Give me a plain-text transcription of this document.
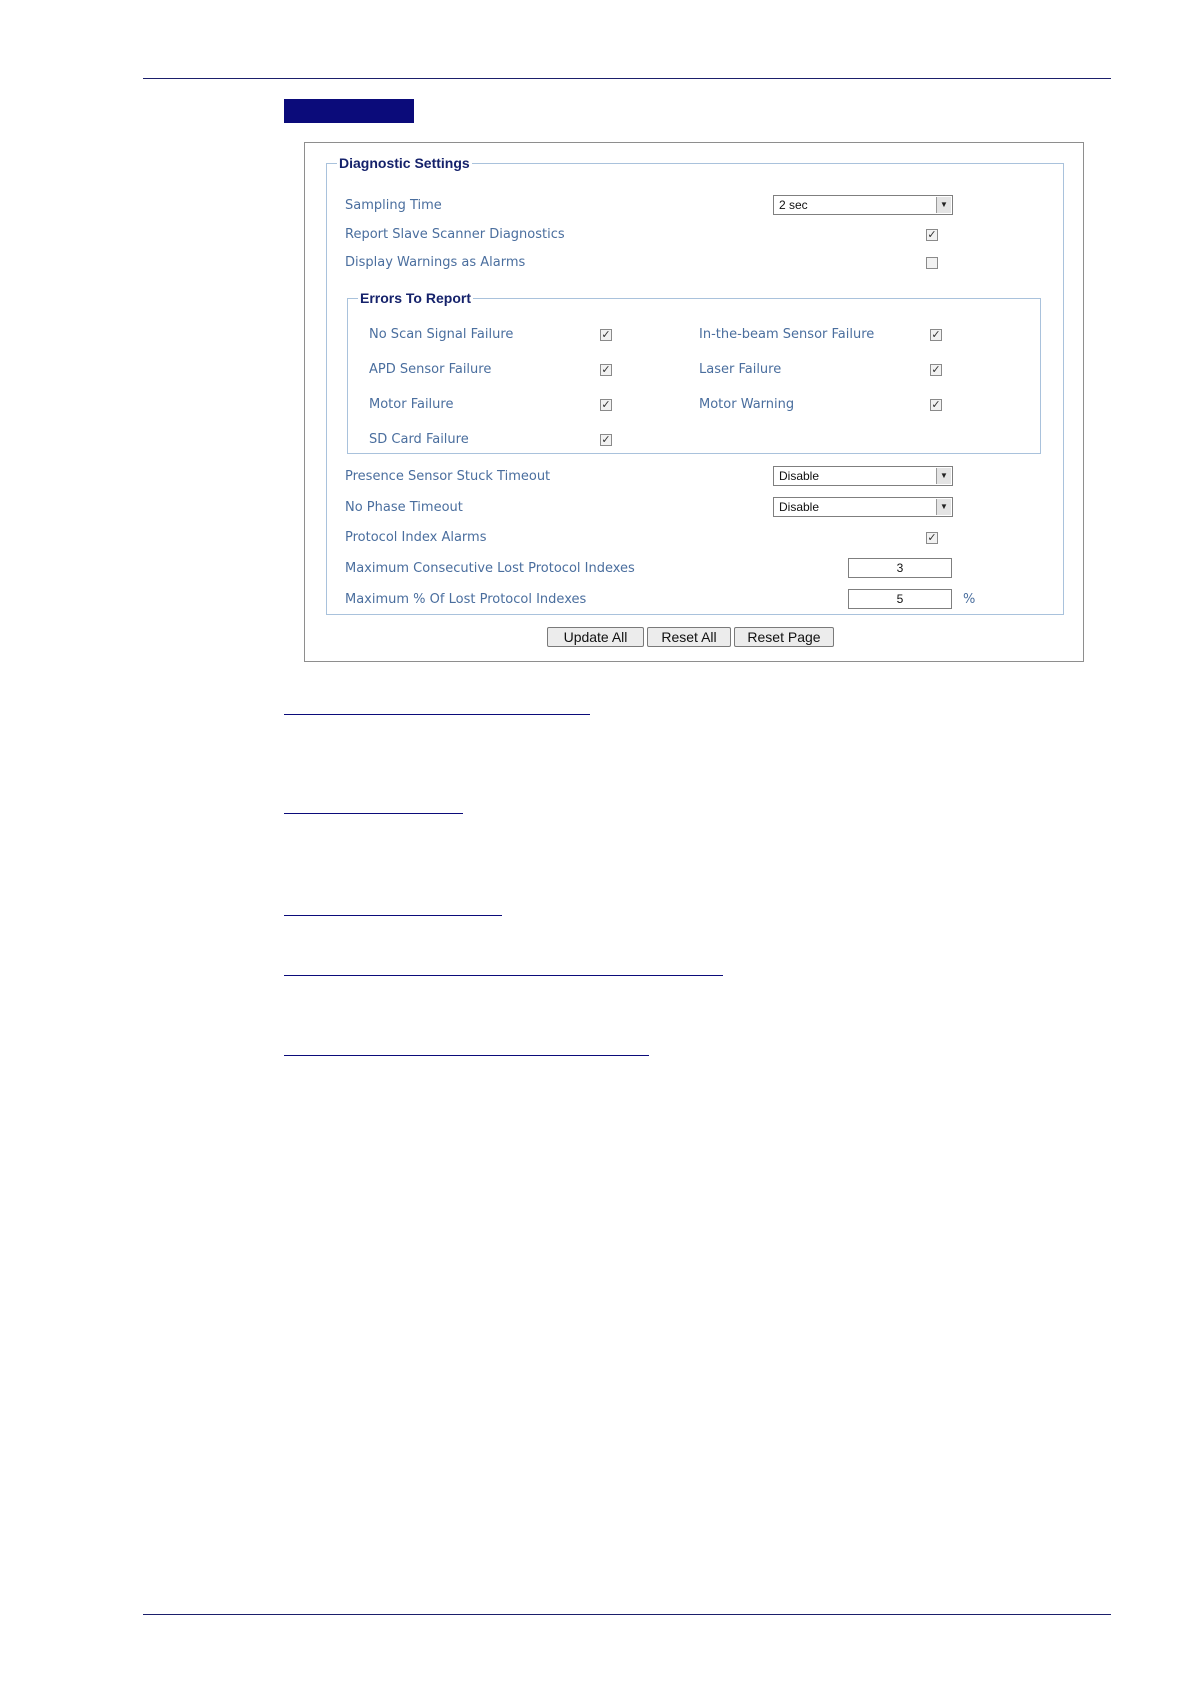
Diagnostic Settings
Sampling Time	2 sec	▼
Report Slave Scanner Diagnostics	✓
Display Warnings as Alarms
Errors To Report
No Scan Signal Failure	✓	In-the-beam Sensor Failure	✓
APD Sensor Failure	✓	Laser Failure	✓
Motor Failure	✓	Motor Warning	✓
SD Card Failure	✓
Presence Sensor Stuck Timeout	Disable	▼
No Phase Timeout	Disable	▼
Protocol Index Alarms	✓
Maximum Consecutive Lost Protocol Indexes	3
Maximum % Of Lost Protocol Indexes	5	%
Update All	Reset All	Reset Page
